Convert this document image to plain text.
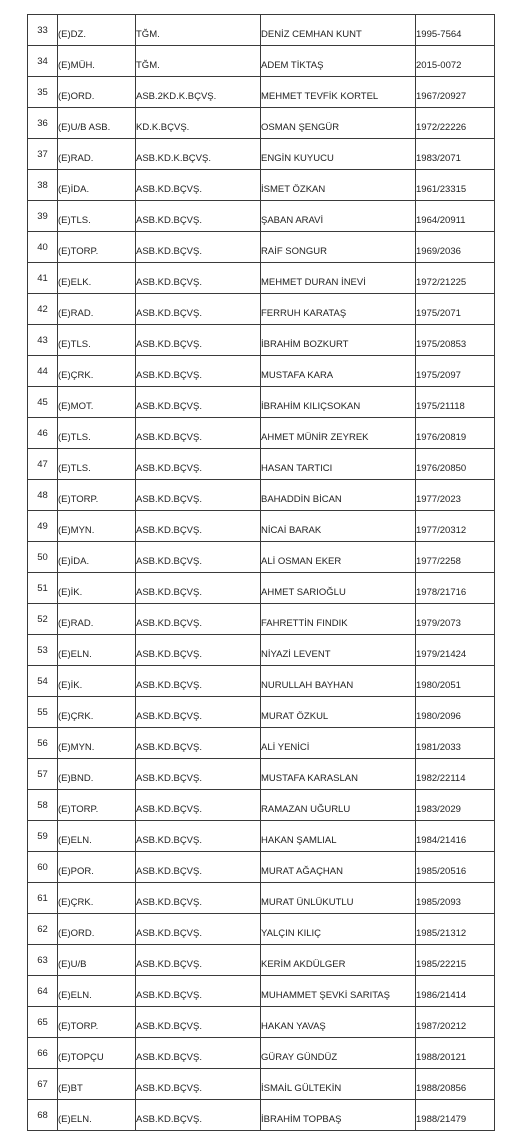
33	(E)DZ.	TĞM.	DENİZ CEMHAN KUNT	1995-7564
34	(E)MÜH.	TĞM.	ADEM TİKTAŞ	2015-0072
35	(E)ORD.	ASB.2KD.K.BÇVŞ.	MEHMET TEVFİK KORTEL	1967/20927
36	(E)U/B ASB.	KD.K.BÇVŞ.	OSMAN ŞENGÜR	1972/22226
37	(E)RAD.	ASB.KD.K.BÇVŞ.	ENGİN KUYUCU	1983/2071
38	(E)İDA.	ASB.KD.BÇVŞ.	İSMET ÖZKAN	1961/23315
39	(E)TLS.	ASB.KD.BÇVŞ.	ŞABAN ARAVİ	1964/20911
40	(E)TORP.	ASB.KD.BÇVŞ.	RAİF SONGUR	1969/2036
41	(E)ELK.	ASB.KD.BÇVŞ.	MEHMET DURAN İNEVİ	1972/21225
42	(E)RAD.	ASB.KD.BÇVŞ.	FERRUH KARATAŞ	1975/2071
43	(E)TLS.	ASB.KD.BÇVŞ.	İBRAHİM BOZKURT	1975/20853
44	(E)ÇRK.	ASB.KD.BÇVŞ.	MUSTAFA KARA	1975/2097
45	(E)MOT.	ASB.KD.BÇVŞ.	İBRAHİM KILIÇSOKAN	1975/21118
46	(E)TLS.	ASB.KD.BÇVŞ.	AHMET MÜNİR ZEYREK	1976/20819
47	(E)TLS.	ASB.KD.BÇVŞ.	HASAN TARTICI	1976/20850
48	(E)TORP.	ASB.KD.BÇVŞ.	BAHADDİN BİCAN	1977/2023
49	(E)MYN.	ASB.KD.BÇVŞ.	NİCAİ BARAK	1977/20312
50	(E)İDA.	ASB.KD.BÇVŞ.	ALİ OSMAN EKER	1977/2258
51	(E)İK.	ASB.KD.BÇVŞ.	AHMET SARIOĞLU	1978/21716
52	(E)RAD.	ASB.KD.BÇVŞ.	FAHRETTİN FINDIK	1979/2073
53	(E)ELN.	ASB.KD.BÇVŞ.	NİYAZİ LEVENT	1979/21424
54	(E)İK.	ASB.KD.BÇVŞ.	NURULLAH BAYHAN	1980/2051
55	(E)ÇRK.	ASB.KD.BÇVŞ.	MURAT ÖZKUL	1980/2096
56	(E)MYN.	ASB.KD.BÇVŞ.	ALİ YENİCİ	1981/2033
57	(E)BND.	ASB.KD.BÇVŞ.	MUSTAFA KARASLAN	1982/22114
58	(E)TORP.	ASB.KD.BÇVŞ.	RAMAZAN UĞURLU	1983/2029
59	(E)ELN.	ASB.KD.BÇVŞ.	HAKAN ŞAMLIAL	1984/21416
60	(E)POR.	ASB.KD.BÇVŞ.	MURAT AĞAÇHAN	1985/20516
61	(E)ÇRK.	ASB.KD.BÇVŞ.	MURAT ÜNLÜKUTLU	1985/2093
62	(E)ORD.	ASB.KD.BÇVŞ.	YALÇIN KILIÇ	1985/21312
63	(E)U/B	ASB.KD.BÇVŞ.	KERİM AKDÜLGER	1985/22215
64	(E)ELN.	ASB.KD.BÇVŞ.	MUHAMMET ŞEVKİ SARITAŞ	1986/21414
65	(E)TORP.	ASB.KD.BÇVŞ.	HAKAN YAVAŞ	1987/20212
66	(E)TOPÇU	ASB.KD.BÇVŞ.	GÜRAY GÜNDÜZ	1988/20121
67	(E)BT	ASB.KD.BÇVŞ.	İSMAİL GÜLTEKİN	1988/20856
68	(E)ELN.	ASB.KD.BÇVŞ.	İBRAHİM TOPBAŞ	1988/21479
